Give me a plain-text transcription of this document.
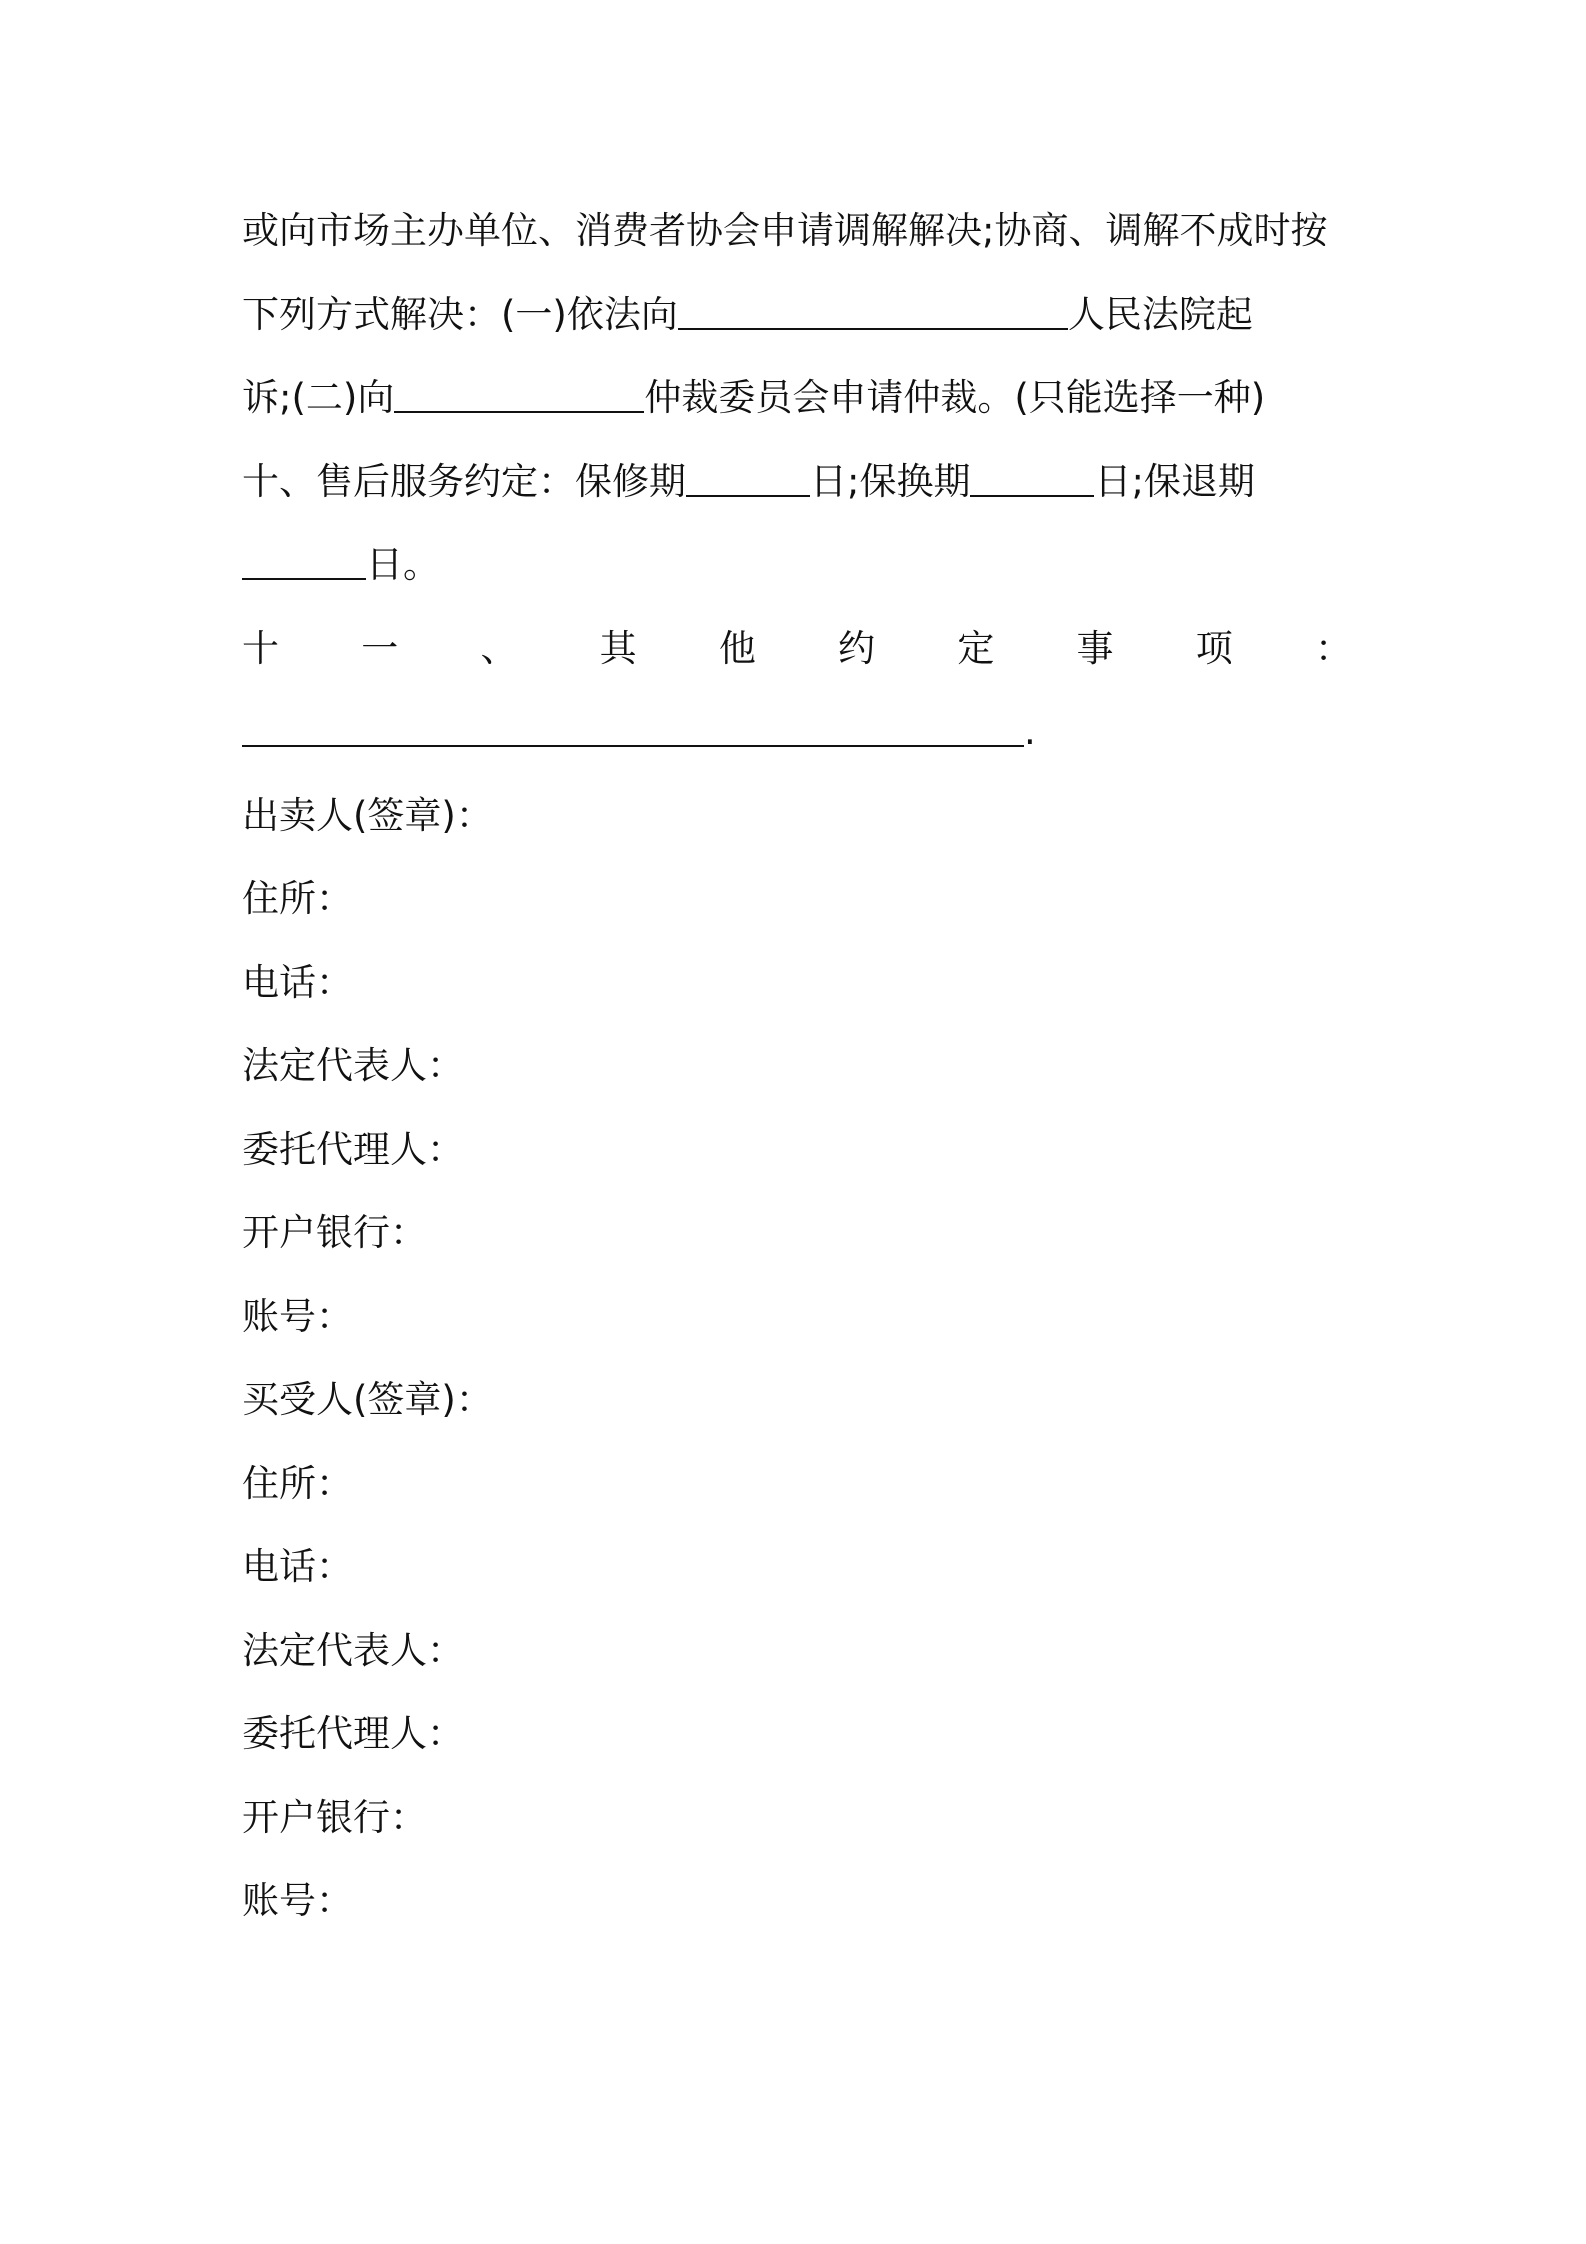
或向市场主办单位、消费者协会申请调解解决;协商、调解不成时按
下列方式解决：(一)依法向	人民法院起
诉;(二)向	仲裁委员会申请仲裁。(只能选择一种)
十、售后服务约定：保修期	日;保换期	日;保退期
日。
十 一 、 其 他 约 定 事 项 ：
.
出卖人(签章)：
住所：
电话：
法定代表人：
委托代理人：
开户银行：
账号：
买受人(签章)：
住所：
电话：
法定代表人：
委托代理人：
开户银行：
账号：
